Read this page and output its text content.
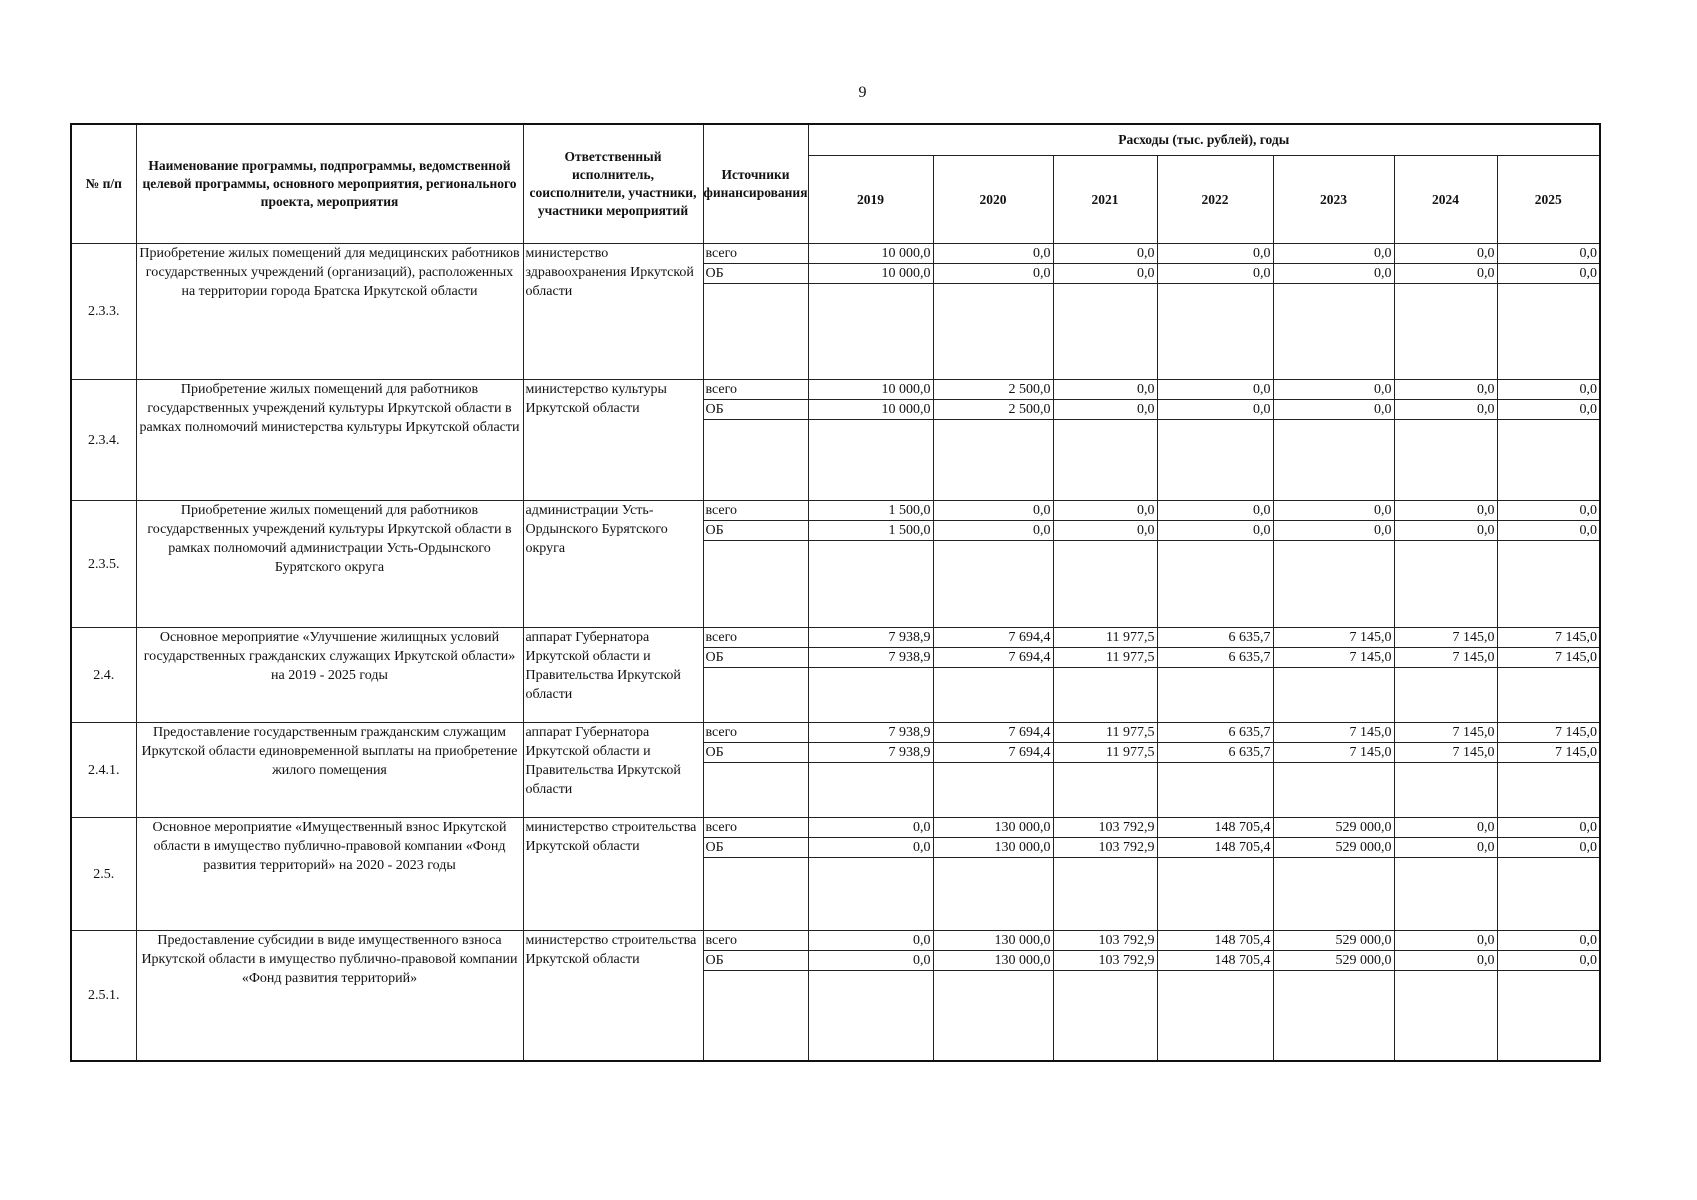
9
№ п/п	Наименование программы, подпрограммы, ведомственной целевой программы, основного мероприятия, регионального проекта, мероприятия	Ответственный исполнитель, соисполнители, участники, участники мероприятий	Источники финансирования	Расходы (тыс. рублей), годы						
				2019	2020	2021	2022	2023	2024	2025
2.3.3.	Приобретение жилых помещений для медицинских работников государственных учреждений (организаций), расположенных на территории города Братска Иркутской области	министерство здравоохранения Иркутской области	всего	10 000,0	0,0	0,0	0,0	0,0	0,0	0,0
			ОБ	10 000,0	0,0	0,0	0,0	0,0	0,0	0,0

2.3.4.	Приобретение жилых помещений для работников государственных учреждений культуры Иркутской области в рамках полномочий министерства культуры Иркутской области	министерство культуры Иркутской области	всего	10 000,0	2 500,0	0,0	0,0	0,0	0,0	0,0
			ОБ	10 000,0	2 500,0	0,0	0,0	0,0	0,0	0,0

2.3.5.	Приобретение жилых помещений для работников государственных учреждений культуры Иркутской области в рамках полномочий администрации Усть-Ордынского Бурятского округа	администрации Усть-Ордынского Бурятского округа	всего	1 500,0	0,0	0,0	0,0	0,0	0,0	0,0
			ОБ	1 500,0	0,0	0,0	0,0	0,0	0,0	0,0

2.4.	Основное мероприятие «Улучшение жилищных условий государственных гражданских служащих Иркутской области» на 2019 - 2025 годы	аппарат Губернатора Иркутской области и Правительства Иркутской области	всего	7 938,9	7 694,4	11 977,5	6 635,7	7 145,0	7 145,0	7 145,0
			ОБ	7 938,9	7 694,4	11 977,5	6 635,7	7 145,0	7 145,0	7 145,0

2.4.1.	Предоставление государственным гражданским служащим Иркутской области единовременной выплаты на приобретение жилого помещения	аппарат Губернатора Иркутской области и Правительства Иркутской области	всего	7 938,9	7 694,4	11 977,5	6 635,7	7 145,0	7 145,0	7 145,0
			ОБ	7 938,9	7 694,4	11 977,5	6 635,7	7 145,0	7 145,0	7 145,0

2.5.	Основное мероприятие «Имущественный взнос Иркутской области в имущество публично-правовой компании «Фонд развития территорий» на 2020 - 2023 годы	министерство строительства Иркутской области	всего	0,0	130 000,0	103 792,9	148 705,4	529 000,0	0,0	0,0
			ОБ	0,0	130 000,0	103 792,9	148 705,4	529 000,0	0,0	0,0

2.5.1.	Предоставление субсидии в виде имущественного взноса Иркутской области в имущество публично-правовой компании «Фонд развития территорий»	министерство строительства Иркутской области	всего	0,0	130 000,0	103 792,9	148 705,4	529 000,0	0,0	0,0
			ОБ	0,0	130 000,0	103 792,9	148 705,4	529 000,0	0,0	0,0
